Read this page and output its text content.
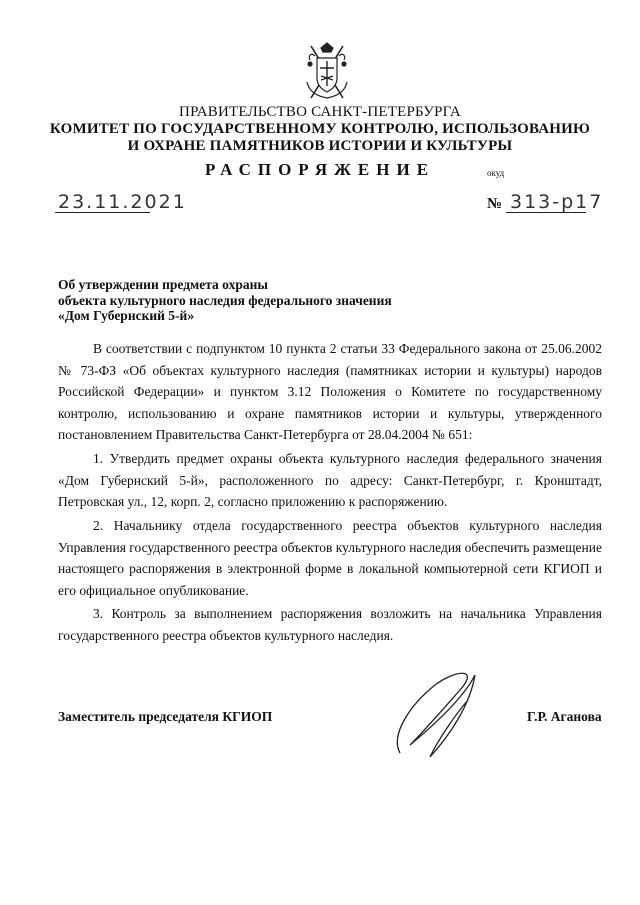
ПРАВИТЕЛЬСТВО САНКТ-ПЕТЕРБУРГА
КОМИТЕТ ПО ГОСУДАРСТВЕННОМУ КОНТРОЛЮ, ИСПОЛЬЗОВАНИЮ
И ОХРАНЕ ПАМЯТНИКОВ ИСТОРИИ И КУЛЬТУРЫ
РАСПОРЯЖЕНИЕ	окуд
23.11.2021	№ 313-р17
Об утверждении предмета охраны
объекта культурного наследия федерального значения
«Дом Губернский 5-й»
В соответствии с подпунктом 10 пункта 2 статьи 33 Федерального закона от 25.06.2002 № 73-ФЗ «Об объектах культурного наследия (памятниках истории и культуры) народов Российской Федерации» и пунктом 3.12 Положения о Комитете по государственному контролю, использованию и охране памятников истории и культуры, утвержденного постановлением Правительства Санкт-Петербурга от 28.04.2004 № 651:
1. Утвердить предмет охраны объекта культурного наследия федерального значения «Дом Губернский 5-й», расположенного по адресу: Санкт-Петербург, г. Кронштадт, Петровская ул., 12, корп. 2, согласно приложению к распоряжению.
2. Начальнику отдела государственного реестра объектов культурного наследия Управления государственного реестра объектов культурного наследия обеспечить размещение настоящего распоряжения в электронной форме в локальной компьютерной сети КГИОП и его официальное опубликование.
3. Контроль за выполнением распоряжения возложить на начальника Управления государственного реестра объектов культурного наследия.
Заместитель председателя КГИОП	Г.Р. Аганова
